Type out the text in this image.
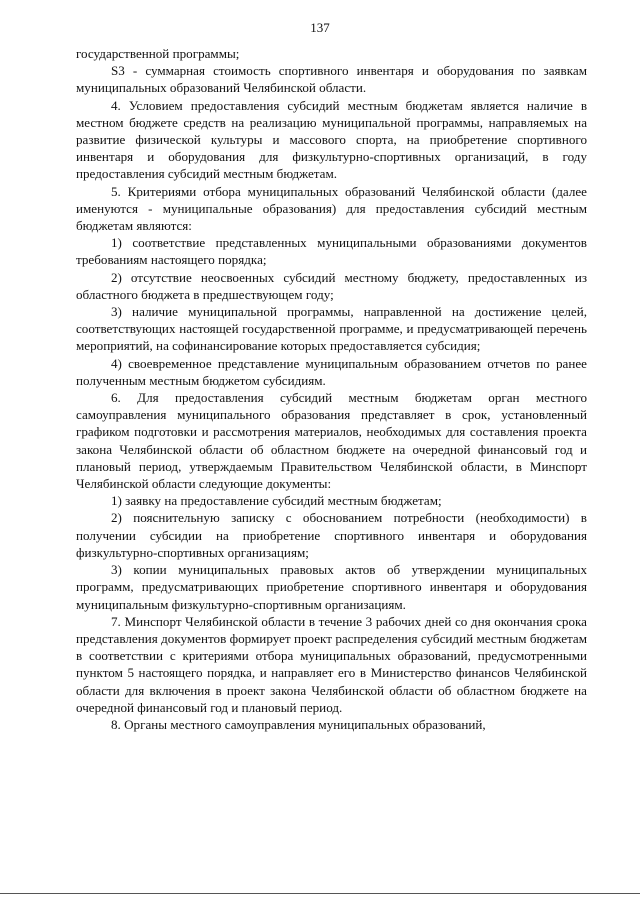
137

государственной программы;

S3 - суммарная стоимость спортивного инвентаря и оборудования по заявкам муниципальных образований Челябинской области.

4. Условием предоставления субсидий местным бюджетам является наличие в местном бюджете средств на реализацию муниципальной программы, направляемых на развитие физической культуры и массового спорта, на приобретение спортивного инвентаря и оборудования для физкультурно-спортивных организаций, в году предоставления субсидий местным бюджетам.

5. Критериями отбора муниципальных образований Челябинской области (далее именуются - муниципальные образования) для предоставления субсидий местным бюджетам являются:

1) соответствие представленных муниципальными образованиями документов требованиям настоящего порядка;

2) отсутствие неосвоенных субсидий местному бюджету, предоставленных из областного бюджета в предшествующем году;

3) наличие муниципальной программы, направленной на достижение целей, соответствующих настоящей государственной программе, и предусматривающей перечень мероприятий, на софинансирование которых предоставляется субсидия;

4) своевременное представление муниципальным образованием отчетов по ранее полученным местным бюджетом субсидиям.

6. Для предоставления субсидий местным бюджетам орган местного самоуправления муниципального образования представляет в срок, установленный графиком подготовки и рассмотрения материалов, необходимых для составления проекта закона Челябинской области об областном бюджете на очередной финансовый год и плановый период, утверждаемым Правительством Челябинской области, в Минспорт Челябинской области следующие документы:

1) заявку на предоставление субсидий местным бюджетам;

2) пояснительную записку с обоснованием потребности (необходимости) в получении субсидии на приобретение спортивного инвентаря и оборудования физкультурно-спортивных организациям;

3) копии муниципальных правовых актов об утверждении муниципальных программ, предусматривающих приобретение спортивного инвентаря и оборудования муниципальным физкультурно-спортивным организациям.

7. Минспорт Челябинской области в течение 3 рабочих дней со дня окончания срока представления документов формирует проект распределения субсидий местным бюджетам в соответствии с критериями отбора муниципальных образований, предусмотренными пунктом 5 настоящего порядка, и направляет его в Министерство финансов Челябинской области для включения в проект закона Челябинской области об областном бюджете на очередной финансовый год и плановый период.

8. Органы местного самоуправления муниципальных образований,
